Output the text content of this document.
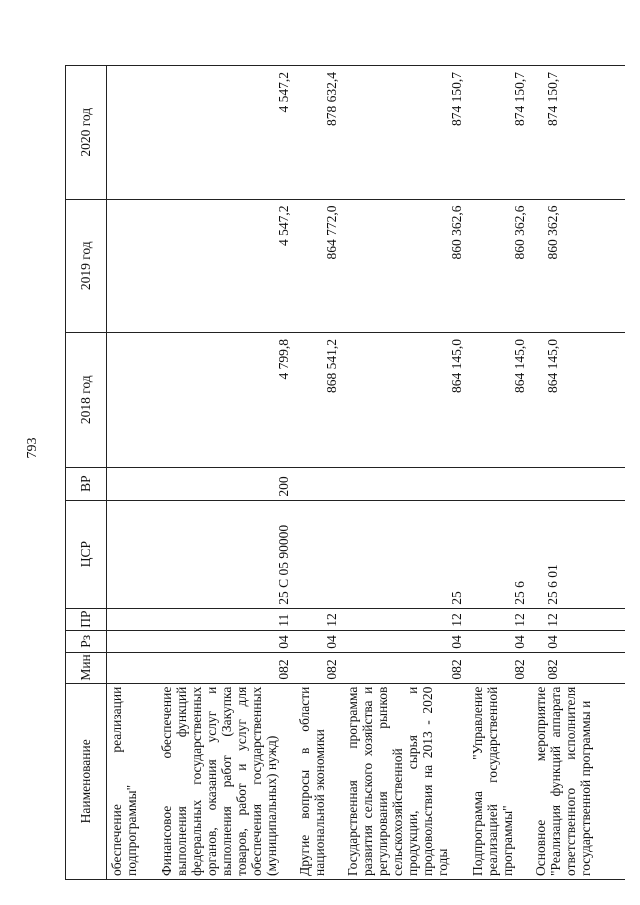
793
Наименование	Мин	Рз	ПР	ЦСР	ВР	2018 год	2019 год	2020 год
обеспечение реализации подпрограммы"								
Финансовое обеспечение выполнения функций федеральных государственных органов, оказания услуг и выполнения работ (Закупка товаров, работ и услуг для обеспечения государственных (муниципальных) нужд)	082	04	11	25 С 05 90000	200	4 799,8	4 547,2	4 547,2
Другие вопросы в области национальной экономики	082	04	12			868 541,2	864 772,0	878 632,4
Государственная программа развития сельского хозяйства и регулирования рынков сельскохозяйственной продукции, сырья и продовольствия на 2013 - 2020 годы	082	04	12	25		864 145,0	860 362,6	874 150,7
Подпрограмма "Управление реализацией государственной программы"	082	04	12	25 6		864 145,0	860 362,6	874 150,7
Основное мероприятие "Реализация функций аппарата ответственного исполнителя государственной программы и	082	04	12	25 6 01		864 145,0	860 362,6	874 150,7
